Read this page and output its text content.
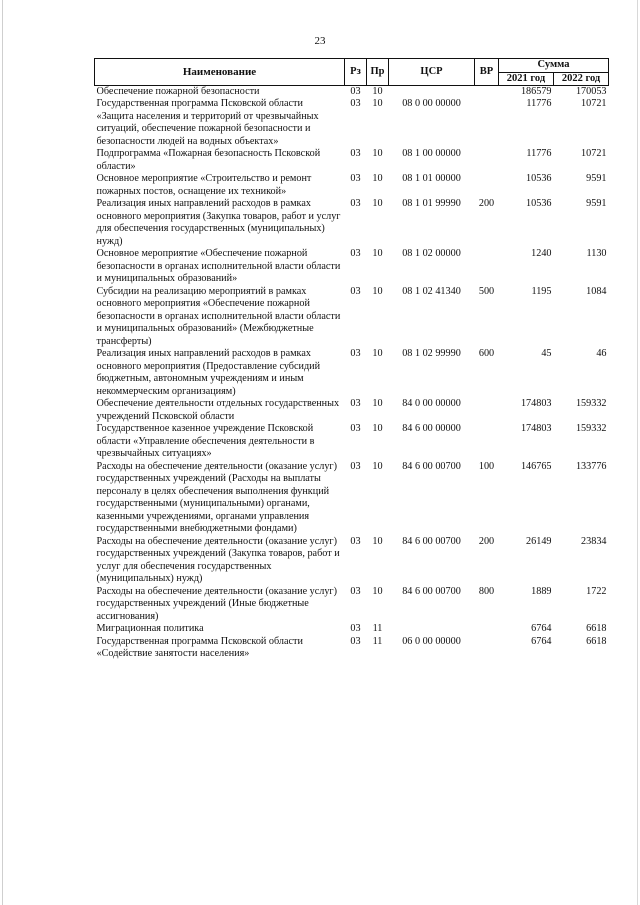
23
Наименование	Рз	Пр	ЦСР	ВР	Сумма	
					2021 год	2022 год
Обеспечение пожарной безопасности	03	10			186579	170053
Государственная программа Псковской области «Защита населения и территорий от чрезвычайных ситуаций, обеспечение пожарной безопасности и безопасности людей на водных объектах»	03	10	08 0 00 00000		11776	10721
Подпрограмма «Пожарная безопасность Псковской области»	03	10	08 1 00 00000		11776	10721
Основное мероприятие «Строительство и ремонт пожарных постов, оснащение их техникой»	03	10	08 1 01 00000		10536	9591
Реализация иных направлений расходов в рамках основного мероприятия (Закупка товаров, работ и услуг для обеспечения государственных (муниципальных) нужд)	03	10	08 1 01 99990	200	10536	9591
Основное мероприятие «Обеспечение пожарной безопасности в органах исполнительной власти области и муниципальных образований»	03	10	08 1 02 00000		1240	1130
Субсидии на реализацию мероприятий в рамках основного мероприятия «Обеспечение пожарной безопасности в органах исполнительной власти области и муниципальных образований» (Межбюджетные трансферты)	03	10	08 1 02 41340	500	1195	1084
Реализация иных направлений расходов в рамках основного мероприятия (Предоставление субсидий бюджетным, автономным учреждениям и иным некоммерческим организациям)	03	10	08 1 02 99990	600	45	46
Обеспечение деятельности отдельных государственных учреждений Псковской области	03	10	84 0 00 00000		174803	159332
Государственное казенное учреждение Псковской области «Управление обеспечения деятельности в чрезвычайных ситуациях»	03	10	84 6 00 00000		174803	159332
Расходы на обеспечение деятельности (оказание услуг) государственных учреждений (Расходы на выплаты персоналу в целях обеспечения выполнения функций государственными (муниципальными) органами, казенными учреждениями, органами управления государственными внебюджетными фондами)	03	10	84 6 00 00700	100	146765	133776
Расходы на обеспечение деятельности (оказание услуг) государственных учреждений (Закупка товаров, работ и услуг для обеспечения государственных (муниципальных) нужд)	03	10	84 6 00 00700	200	26149	23834
Расходы на обеспечение деятельности (оказание услуг) государственных учреждений (Иные бюджетные ассигнования)	03	10	84 6 00 00700	800	1889	1722
Миграционная политика	03	11			6764	6618
Государственная программа Псковской области «Содействие занятости населения»	03	11	06 0 00 00000		6764	6618
